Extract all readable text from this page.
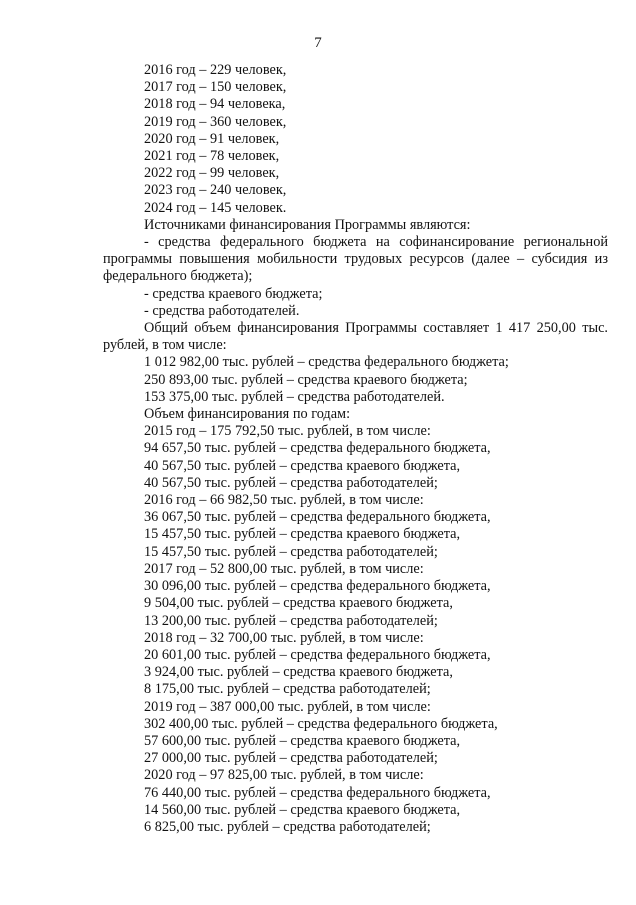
7
2016 год – 229 человек,
2017 год – 150 человек,
2018 год – 94 человека,
2019 год – 360 человек,
2020 год – 91 человек,
2021 год – 78 человек,
2022 год – 99 человек,
2023 год – 240 человек,
2024 год – 145 человек.
Источниками финансирования Программы являются:
- средства федерального бюджета на софинансирование региональной программы повышения мобильности трудовых ресурсов (далее – субсидия из федерального бюджета);
- средства краевого бюджета;
- средства работодателей.
Общий объем финансирования Программы составляет 1 417 250,00 тыс. рублей, в том числе:
1 012 982,00 тыс. рублей – средства федерального бюджета;
250 893,00 тыс. рублей – средства краевого бюджета;
153 375,00 тыс. рублей – средства работодателей.
Объем финансирования по годам:
2015 год – 175 792,50 тыс. рублей, в том числе:
94 657,50 тыс. рублей – средства федерального бюджета,
40 567,50 тыс. рублей – средства краевого бюджета,
40 567,50 тыс. рублей – средства работодателей;
2016 год – 66 982,50 тыс. рублей, в том числе:
36 067,50 тыс. рублей – средства федерального бюджета,
15 457,50 тыс. рублей – средства краевого бюджета,
15 457,50 тыс. рублей – средства работодателей;
2017 год – 52 800,00 тыс. рублей, в том числе:
30 096,00 тыс. рублей – средства федерального бюджета,
9 504,00 тыс. рублей – средства краевого бюджета,
13 200,00 тыс. рублей – средства работодателей;
2018 год – 32 700,00 тыс. рублей, в том числе:
20 601,00 тыс. рублей – средства федерального бюджета,
3 924,00 тыс. рублей – средства краевого бюджета,
8 175,00 тыс. рублей – средства работодателей;
2019 год – 387 000,00 тыс. рублей, в том числе:
302 400,00 тыс. рублей – средства федерального бюджета,
57 600,00 тыс. рублей – средства краевого бюджета,
27 000,00 тыс. рублей – средства работодателей;
2020 год – 97 825,00 тыс. рублей, в том числе:
76 440,00 тыс. рублей – средства федерального бюджета,
14 560,00 тыс. рублей – средства краевого бюджета,
6 825,00 тыс. рублей – средства работодателей;
